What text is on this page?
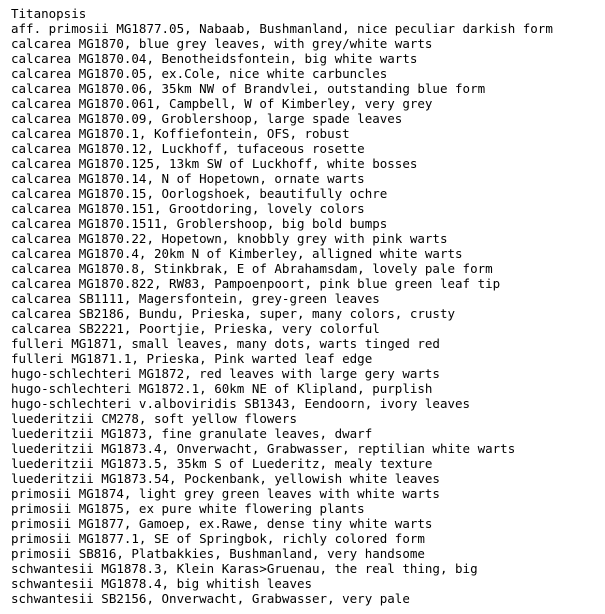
Titanopsis
aff. primosii MG1877.05, Nabaab, Bushmanland, nice peculiar darkish form
calcarea MG1870, blue grey leaves, with grey/white warts
calcarea MG1870.04, Benotheidsfontein, big white warts
calcarea MG1870.05, ex.Cole, nice white carbuncles
calcarea MG1870.06, 35km NW of Brandvlei, outstanding blue form
calcarea MG1870.061, Campbell, W of Kimberley, very grey
calcarea MG1870.09, Groblershoop, large spade leaves
calcarea MG1870.1, Koffiefontein, OFS, robust
calcarea MG1870.12, Luckhoff, tufaceous rosette
calcarea MG1870.125, 13km SW of Luckhoff, white bosses
calcarea MG1870.14, N of Hopetown, ornate warts
calcarea MG1870.15, Oorlogshoek, beautifully ochre
calcarea MG1870.151, Grootdoring, lovely colors
calcarea MG1870.1511, Groblershoop, big bold bumps
calcarea MG1870.22, Hopetown, knobbly grey with pink warts
calcarea MG1870.4, 20km N of Kimberley, alligned white warts
calcarea MG1870.8, Stinkbrak, E of Abrahamsdam, lovely pale form
calcarea MG1870.822, RW83, Pampoenpoort, pink blue green leaf tip
calcarea SB1111, Magersfontein, grey-green leaves
calcarea SB2186, Bundu, Prieska, super, many colors, crusty
calcarea SB2221, Poortjie, Prieska, very colorful
fulleri MG1871, small leaves, many dots, warts tinged red
fulleri MG1871.1, Prieska, Pink warted leaf edge
hugo-schlechteri MG1872, red leaves with large gery warts
hugo-schlechteri MG1872.1, 60km NE of Klipland, purplish
hugo-schlechteri v.alboviridis SB1343, Eendoorn, ivory leaves
luederitzii CM278, soft yellow flowers
luederitzii MG1873, fine granulate leaves, dwarf
luederitzii MG1873.4, Onverwacht, Grabwasser, reptilian white warts
luederitzii MG1873.5, 35km S of Luederitz, mealy texture
luederitzii MG1873.54, Pockenbank, yellowish white leaves
primosii MG1874, light grey green leaves with white warts
primosii MG1875, ex pure white flowering plants
primosii MG1877, Gamoep, ex.Rawe, dense tiny white warts
primosii MG1877.1, SE of Springbok, richly colored form
primosii SB816, Platbakkies, Bushmanland, very handsome
schwantesii MG1878.3, Klein Karas>Gruenau, the real thing, big
schwantesii MG1878.4, big whitish leaves
schwantesii SB2156, Onverwacht, Grabwasser, very pale
